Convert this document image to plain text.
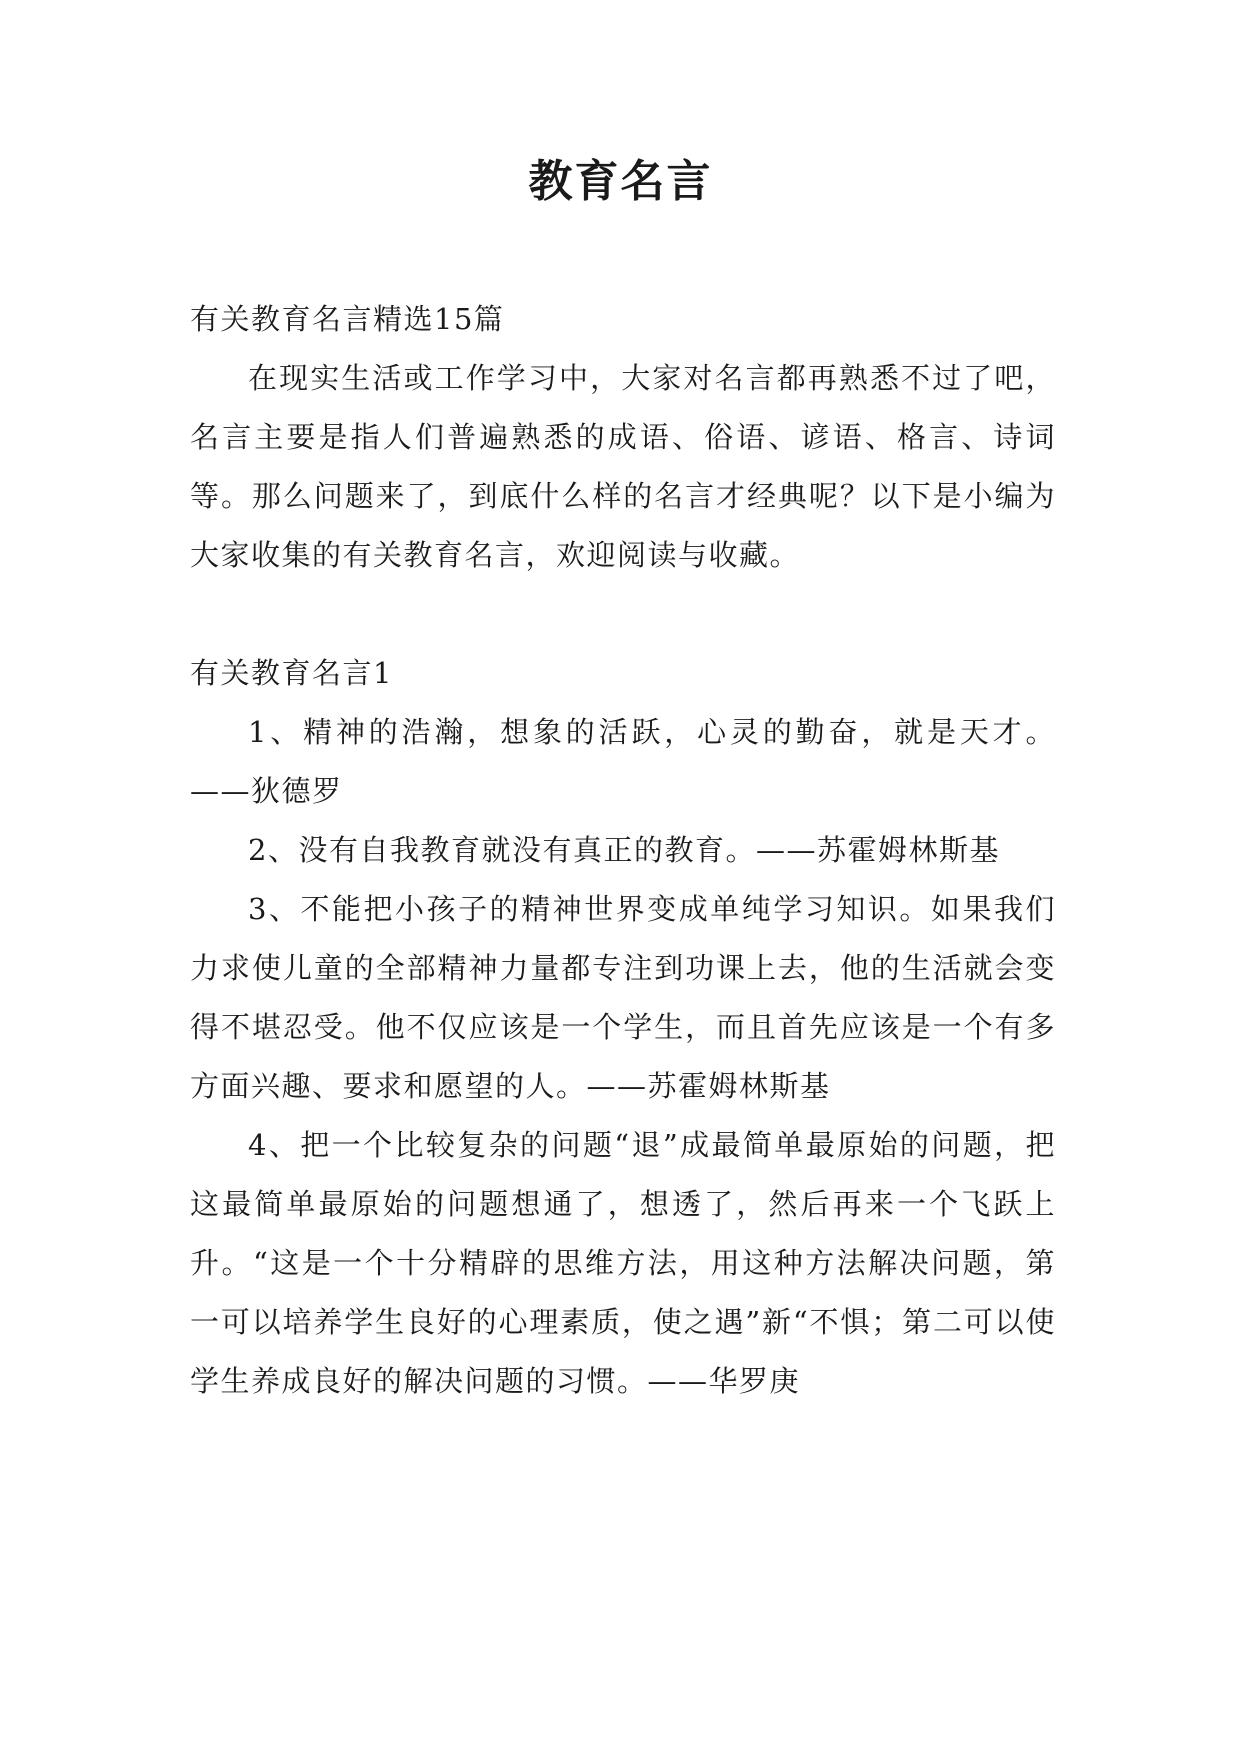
教育名言

有关教育名言精选15篇

在现实生活或工作学习中，大家对名言都再熟悉不过了吧，名言主要是指人们普遍熟悉的成语、俗语、谚语、格言、诗词等。那么问题来了，到底什么样的名言才经典呢？以下是小编为大家收集的有关教育名言，欢迎阅读与收藏。

有关教育名言1

1、精神的浩瀚，想象的活跃，心灵的勤奋，就是天才。——狄德罗

2、没有自我教育就没有真正的教育。——苏霍姆林斯基

3、不能把小孩子的精神世界变成单纯学习知识。如果我们力求使儿童的全部精神力量都专注到功课上去，他的生活就会变得不堪忍受。他不仅应该是一个学生，而且首先应该是一个有多方面兴趣、要求和愿望的人。——苏霍姆林斯基

4、把一个比较复杂的问题“退”成最简单最原始的问题，把这最简单最原始的问题想通了，想透了，然后再来一个飞跃上升。“这是一个十分精辟的思维方法，用这种方法解决问题，第一可以培养学生良好的心理素质，使之遇”新“不惧；第二可以使学生养成良好的解决问题的习惯。——华罗庚
